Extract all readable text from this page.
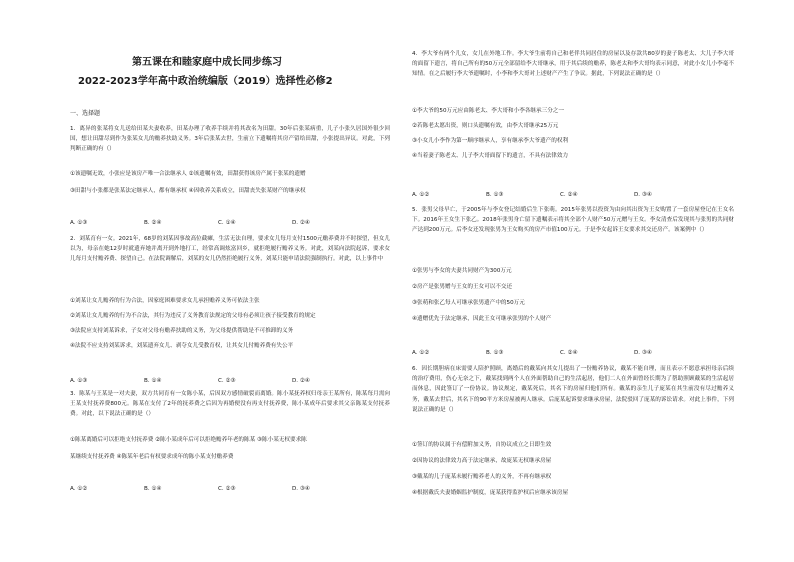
第五课在和睦家庭中成长同步练习
2022-2023学年高中政治统编版（2019）选择性必修2
一、选择题

1．离异的张某将女儿送给田某夫妻收养，田某办理了收养手续并将其改名为田甜。30年后张某病重，儿子小张久居国外很少回国，想让田甜尽到作为张某女儿的赡养扶助义务。3年后张某去世，生前立下遗嘱将其房产留给田甜，小张提出异议。对此，下列判断正确的有（）

①该遗嘱无效，小张应是该房产唯一合法继承人 ②该遗嘱有效，田甜获得该房产属于张某的遗赠

③田甜与小张都是张某法定继承人，都有继承权 ④因收养关系成立，田甜丧失张某财产的继承权

A. ①③	B. ②④	C. ①④	D. ②④

2．刘某育有一女。2021年，68岁的刘某因事故高位截瘫，生活无法自理，要求女儿每月支付1500元赡养费并不时探望，但女儿以为，母亲在她12岁时就遗弃她并离开到外地打工，经常高调炫富回乡，就拒绝履行赡养义务。对此，刘某向法院起诉，要求女儿每月支付赡养费、探望自己。在法院调解后，刘某的女儿仍然拒绝履行义务，刘某只能申请法院强制执行。对此，以上事件中

①刘某让女儿赡养的行为合法，因家庭困难要求女儿承担赡养义务可依法主张

②刘某让女儿赡养的行为不合法，其行为违反了义务教育法规定的父母有必须让孩子接受教育的规定

③法院应支持刘某诉求，子女对父母有赡养扶助的义务，为父母提供帮助是不可推卸的义务

④法院不应支持刘某诉求，刘某遗弃女儿、剥夺女儿受教育权，让其女儿付赡养费有失公平

A. ①③	B. ①④	C. ②③	D. ②④

3．陈某与王某是一对夫妻，双方共同育有一女陈小某，后因双方感情破裂而离婚。陈小某抚养权归母亲王某所有，陈某每月需向王某支付抚养费800元。陈某在支付了2年的抚养费之后因为再婚便没有再支付抚养费，陈小某成年后要求其父亲陈某支付抚养费。对此，以下说法正确的是（）

①陈某离婚后可以拒绝支付抚养费 ②陈小某成年后可以拒绝赡养年老的陈某 ③陈小某无权要求陈

某继续支付抚养费 ④陈某年老后有权要求成年的陈小某支付赡养费

A. ①②	B. ①④	C. ②③	D. ③④

4．李大爷有两个儿女，女儿在外地工作。李大爷生前将自己和老伴共同居住的房屋以及存款共80岁的妻子陈老太、大儿子李大哥的面留下遗言，将自己所有的50万元全部留给李大哥继承，用于其后续的赡养，陈老太和李大哥均表示同意，对此小女儿小李毫不知情。在之后履行李大爷遗嘱时，小李和李大哥对上述财产产生了争议。据此，下列说法正确的是（）

①李大爷的50万元应由陈老太、李大哥和小李各继承三分之一

②若陈老太愿出资，则口头遗嘱有效，由李大哥继承25万元

③小女儿小李作为第一顺序继承人，享有继承李大爷遗产的权利

④当着妻子陈老太、儿子李大哥面留下的遗言，不具有法律效力

A. ①②	B. ①③	C. ②④	D. ③④

5．张男父母早亡，于2005年与李女登记结婚后生下张萌。2015年张男以投资为由向其出资为王女购置了一套房屋登记在王女名下。2016年王女生下张乙。2018年张男身亡留下遗嘱表示将其全部个人财产50万元赠与王女。李女清查后发现其与张男的共同财产达到200万元。后李女还发现张男为王女购买的房产市值100万元。于是李女起诉王女要求其交还房产。该案例中（）

①张男与李女的夫妻共同财产为300万元

②房产是张男赠与王女的王女可以不交还

③张萌和张乙每人可继承张男遗产中的50万元

④遗赠优先于法定继承，因此王女可继承张男的个人财产

A. ①②	B. ①③	C. ②④	D. ③④

6．因长期胆病在床需要人陪护照顾，离婚后的戴某向其女儿提出了一份赡养协议，戴某不能自理，而且表示不愿意承担母亲后续的治疗费用，伤心无奈之下，戴某找到两个人在外面帮助自己的生活起居，他们二人在外面曾经长期为了帮助照顾戴某的生活起居而休息，因此签订了一份协议。协议规定，戴某死后，其名下的房屋归他们所有。戴某的亲生儿子庞某在其生前没有尽过赡养义务，戴某去世后，其名下的90平方米房屋被两人继承。后庞某起诉要求继承房屋，法院驳回了庞某的诉讼请求。对此上事件，下列说法正确的是（）

①签订的协议属于有偿附加义务，自协议成立之日即生效

②因协议的法律效力高于法定继承，故庞某无权继承房屋

③戴某的儿子庞某未履行赡养老人的义务，不再有继承权

④根据戴氏夫妻婚姻监护制度，庞某获得监护权后应继承该房屋
